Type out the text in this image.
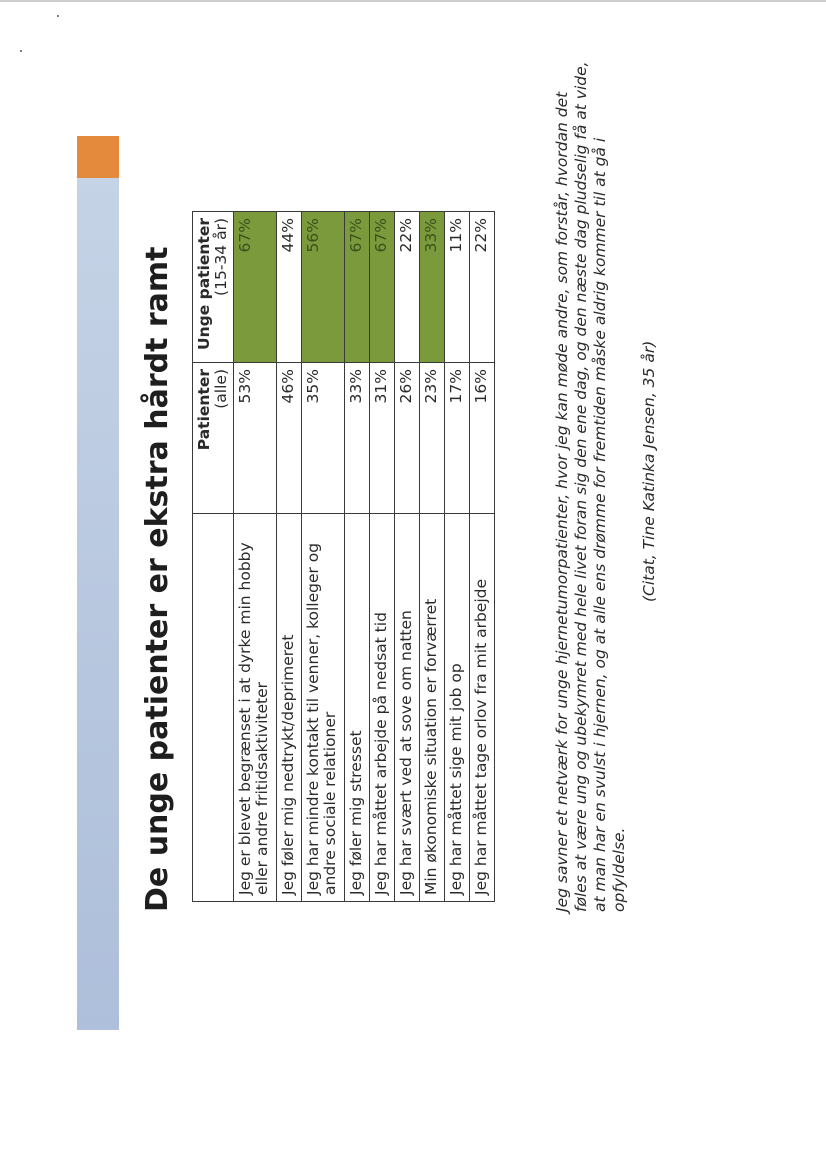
De unge patienter er ekstra hårdt ramt
	Patienter (alle)	Unge patienter (15-34 år)

Jeg er blevet begrænset i at dyrke min hobby eller andre fritidsaktiviteter	53%	67%
Jeg føler mig nedtrykt/deprimeret	46%	44%
Jeg har mindre kontakt til venner, kolleger og andre sociale relationer	35%	56%
Jeg føler mig stresset	33%	67%
Jeg har måttet arbejde på nedsat tid	31%	67%
Jeg har svært ved at sove om natten	26%	22%
Min økonomiske situation er forværret	23%	33%
Jeg har måttet sige mit job op	17%	11%
Jeg har måttet tage orlov fra mit arbejde	16%	22%	Jeg savner et netværk for unge hjernetumorpatienter, hvor jeg kan møde andre, som forstår, hvordan det føles at være ung og ubekymret med hele livet foran sig den ene dag, og den næste dag pludselig få at vide, at man har en svulst i hjernen, og at alle ens drømme for fremtiden måske aldrig kommer til at gå i opfyldelse.
(Citat, Tine Katinka Jensen, 35 år)
